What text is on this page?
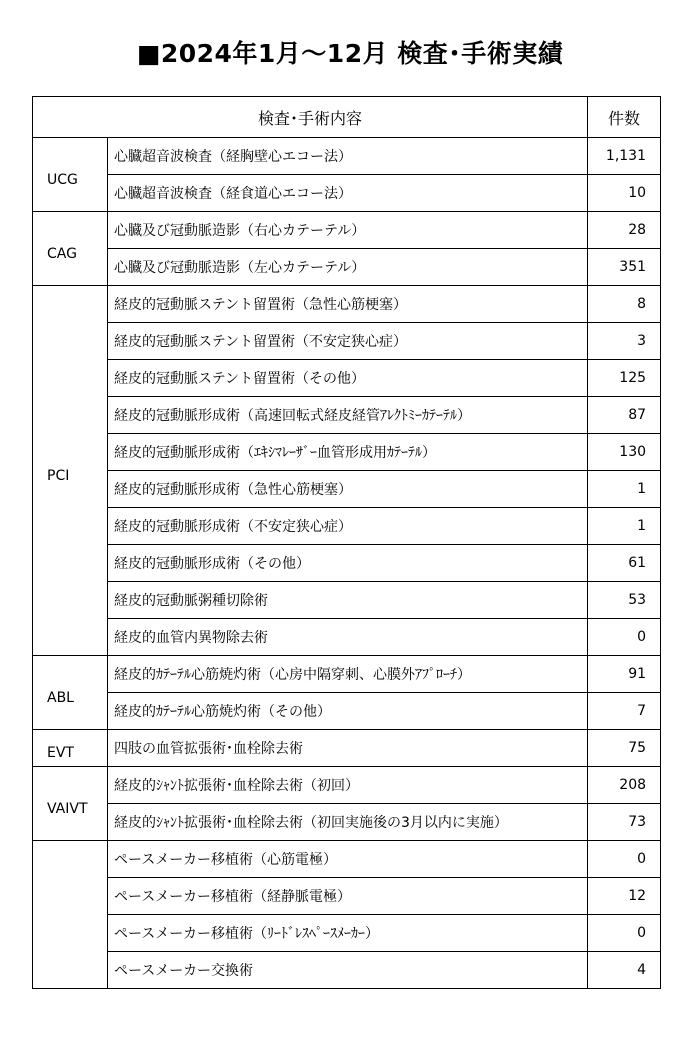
■2024年1月～12月 検査･手術実績
検査･手術内容		件数
UCG	心臓超音波検査（経胸壁心エコー法）	1,131
	心臓超音波検査（経食道心エコー法）	10
CAG	心臓及び冠動脈造影（右心カテーテル）	28
	心臓及び冠動脈造影（左心カテーテル）	351
PCI	経皮的冠動脈ステント留置術（急性心筋梗塞）	8
	経皮的冠動脈ステント留置術（不安定狭心症）	3
	経皮的冠動脈ステント留置術（その他）	125
	経皮的冠動脈形成術（高速回転式経皮経管ｱﾚｸﾄﾐｰｶﾃｰﾃﾙ）	87
	経皮的冠動脈形成術（ｴｷｼﾏﾚｰｻﾞｰ血管形成用ｶﾃｰﾃﾙ）	130
	経皮的冠動脈形成術（急性心筋梗塞）	1
	経皮的冠動脈形成術（不安定狭心症）	1
	経皮的冠動脈形成術（その他）	61
	経皮的冠動脈粥種切除術	53
	経皮的血管内異物除去術	0
ABL	経皮的ｶﾃｰﾃﾙ心筋焼灼術（心房中隔穿刺、心膜外ｱﾌﾟﾛｰﾁ）	91
	経皮的ｶﾃｰﾃﾙ心筋焼灼術（その他）	7
EVT	四肢の血管拡張術･血栓除去術	75
VAIVT	経皮的ｼｬﾝﾄ拡張術･血栓除去術（初回）	208
	経皮的ｼｬﾝﾄ拡張術･血栓除去術（初回実施後の3月以内に実施）	73
	ペースメーカー移植術（心筋電極）	0
	ペースメーカー移植術（経静脈電極）	12
	ペースメーカー移植術（ﾘｰﾄﾞﾚｽﾍﾟｰｽﾒｰｶｰ）	0
	ペースメーカー交換術	4
